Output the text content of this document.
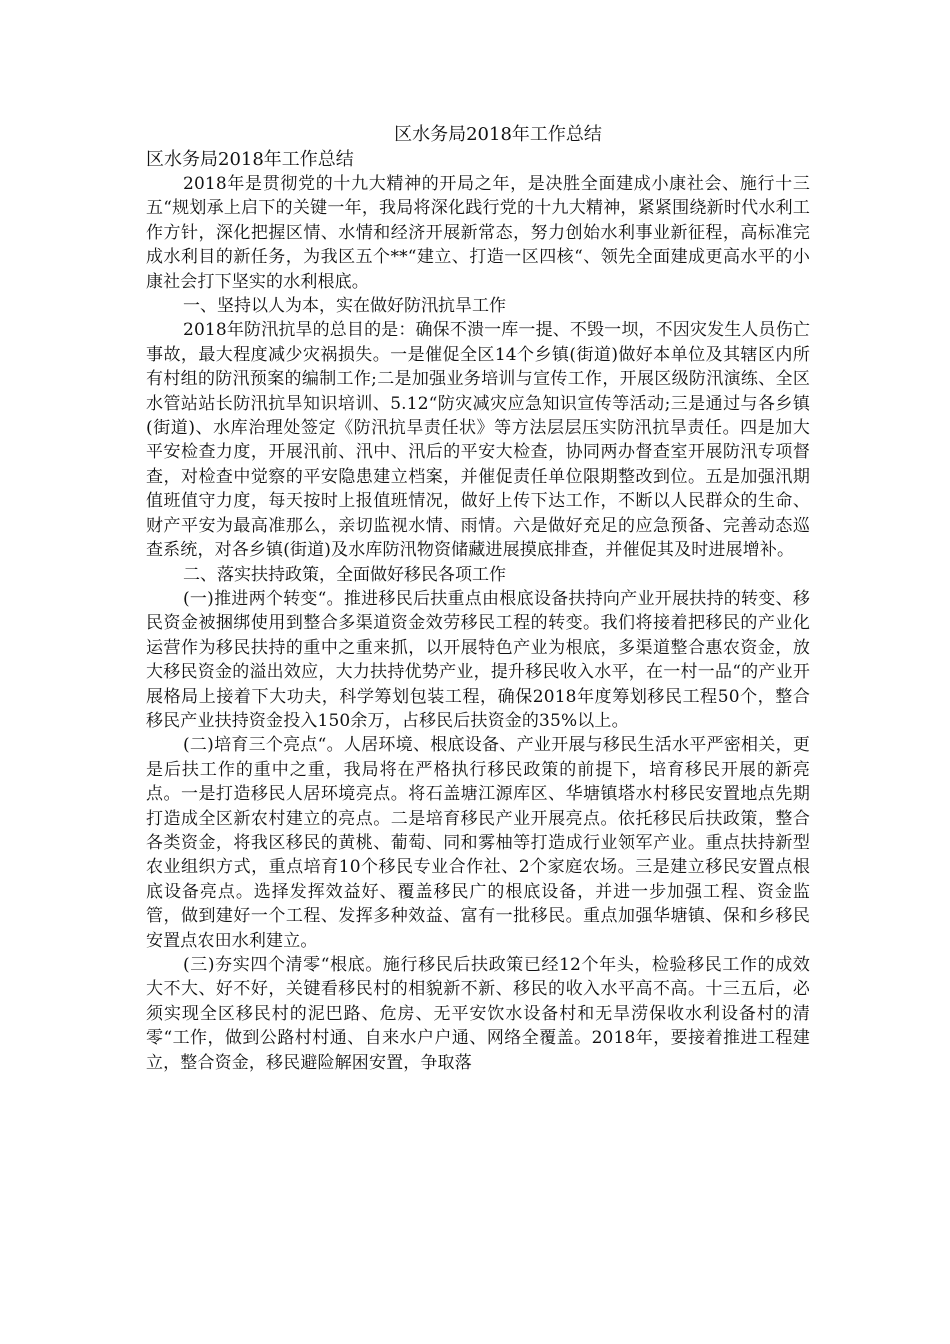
区水务局2018年工作总结
区水务局2018年工作总结

2018年是贯彻党的十九大精神的开局之年，是决胜全面建成小康社会、施行十三五“规划承上启下的关键一年，我局将深化践行党的十九大精神，紧紧围绕新时代水利工作方针，深化把握区情、水情和经济开展新常态，努力创始水利事业新征程，高标准完成水利目的新任务，为我区五个**“建立、打造一区四核“、领先全面建成更高水平的小康社会打下坚实的水利根底。

一、坚持以人为本，实在做好防汛抗旱工作

2018年防汛抗旱的总目的是：确保不溃一库一提、不毁一坝，不因灾发生人员伤亡事故，最大程度减少灾祸损失。一是催促全区14个乡镇(街道)做好本单位及其辖区内所有村组的防汛预案的编制工作;二是加强业务培训与宣传工作，开展区级防汛演练、全区水管站站长防汛抗旱知识培训、5.12“防灾减灾应急知识宣传等活动;三是通过与各乡镇(街道)、水库治理处签定《防汛抗旱责任状》等方法层层压实防汛抗旱责任。四是加大平安检查力度，开展汛前、汛中、汛后的平安大检查，协同两办督查室开展防汛专项督查，对检查中觉察的平安隐患建立档案，并催促责任单位限期整改到位。五是加强汛期值班值守力度，每天按时上报值班情况，做好上传下达工作，不断以人民群众的生命、财产平安为最高准那么，亲切监视水情、雨情。六是做好充足的应急预备、完善动态巡查系统，对各乡镇(街道)及水库防汛物资储藏进展摸底排查，并催促其及时进展增补。

二、落实扶持政策，全面做好移民各项工作

(一)推进两个转变“。推进移民后扶重点由根底设备扶持向产业开展扶持的转变、移民资金被捆绑使用到整合多渠道资金效劳移民工程的转变。我们将接着把移民的产业化运营作为移民扶持的重中之重来抓，以开展特色产业为根底，多渠道整合惠农资金，放大移民资金的溢出效应，大力扶持优势产业，提升移民收入水平，在一村一品“的产业开展格局上接着下大功夫，科学筹划包装工程，确保2018年度筹划移民工程50个，整合移民产业扶持资金投入150余万，占移民后扶资金的35%以上。

(二)培育三个亮点“。人居环境、根底设备、产业开展与移民生活水平严密相关，更是后扶工作的重中之重，我局将在严格执行移民政策的前提下，培育移民开展的新亮点。一是打造移民人居环境亮点。将石盖塘江源库区、华塘镇塔水村移民安置地点先期打造成全区新农村建立的亮点。二是培育移民产业开展亮点。依托移民后扶政策，整合各类资金，将我区移民的黄桃、葡萄、同和雾柚等打造成行业领军产业。重点扶持新型农业组织方式，重点培育10个移民专业合作社、2个家庭农场。三是建立移民安置点根底设备亮点。选择发挥效益好、覆盖移民广的根底设备，并进一步加强工程、资金监管，做到建好一个工程、发挥多种效益、富有一批移民。重点加强华塘镇、保和乡移民安置点农田水利建立。

(三)夯实四个清零“根底。施行移民后扶政策已经12个年头，检验移民工作的成效大不大、好不好，关键看移民村的相貌新不新、移民的收入水平高不高。十三五后，必须实现全区移民村的泥巴路、危房、无平安饮水设备村和无旱涝保收水利设备村的清零“工作，做到公路村村通、自来水户户通、网络全覆盖。2018年，要接着推进工程建立，整合资金，移民避险解困安置，争取落
